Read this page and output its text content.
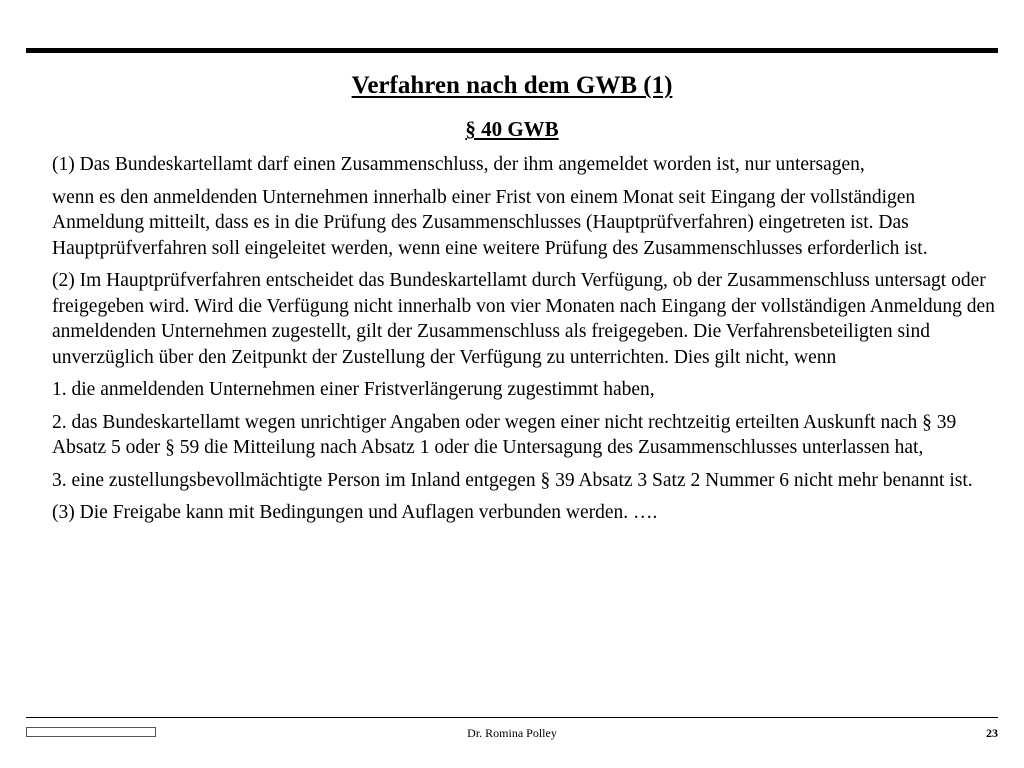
Verfahren nach dem GWB (1)
§ 40 GWB

(1) Das Bundeskartellamt darf einen Zusammenschluss, der ihm angemeldet worden ist, nur untersagen,

wenn es den anmeldenden Unternehmen innerhalb einer Frist von einem Monat seit Eingang der vollständigen Anmeldung mitteilt, dass es in die Prüfung des Zusammenschlusses (Hauptprüfverfahren) eingetreten ist. Das Hauptprüfverfahren soll eingeleitet werden, wenn eine weitere Prüfung des Zusammenschlusses erforderlich ist.

(2) Im Hauptprüfverfahren entscheidet das Bundeskartellamt durch Verfügung, ob der Zusammenschluss untersagt oder freigegeben wird. Wird die Verfügung nicht innerhalb von vier Monaten nach Eingang der vollständigen Anmeldung den anmeldenden Unternehmen zugestellt, gilt der Zusammenschluss als freigegeben. Die Verfahrensbeteiligten sind unverzüglich über den Zeitpunkt der Zustellung der Verfügung zu unterrichten. Dies gilt nicht, wenn

1. die anmeldenden Unternehmen einer Fristverlängerung zugestimmt haben,

2. das Bundeskartellamt wegen unrichtiger Angaben oder wegen einer nicht rechtzeitig erteilten Auskunft nach § 39 Absatz 5 oder § 59 die Mitteilung nach Absatz 1 oder die Untersagung des Zusammenschlusses unterlassen hat,

3. eine zustellungsbevollmächtigte Person im Inland entgegen § 39 Absatz 3 Satz 2 Nummer 6 nicht mehr benannt ist.

(3) Die Freigabe kann mit Bedingungen und Auflagen verbunden werden. ….

Dr. Romina Polley	23
